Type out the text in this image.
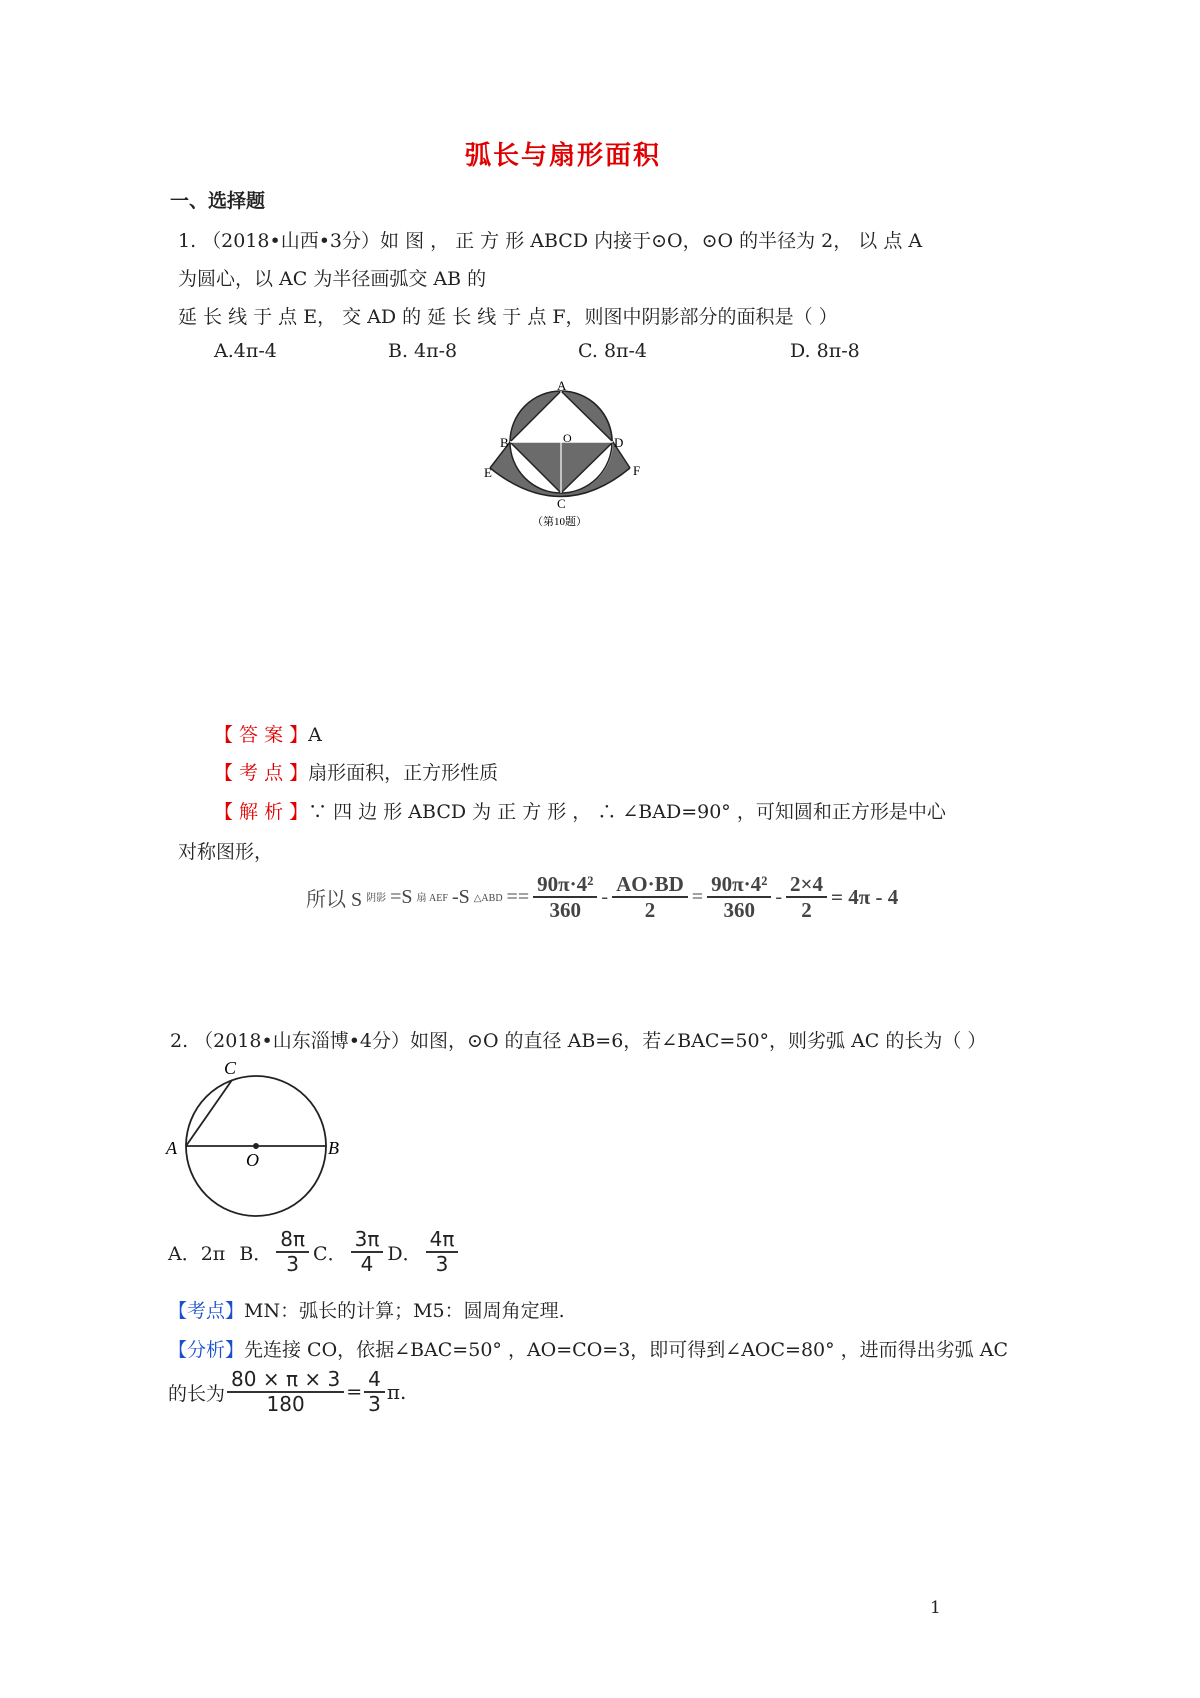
弧长与扇形面积
一、选择题
1. （2018•山西•3分）如 图 ， 正 方 形 ABCD 内接于⊙O，⊙O 的半径为 2， 以 点 A
为圆心，以 AC 为半径画弧交 AB 的
延 长 线 于 点 E， 交 AD 的 延 长 线 于 点 F，则图中阴影部分的面积是（ ）
A.4π-4	B. 4π-8	C. 8π-4	D. 8π-8
A
B	O	D
E	F
C
（第10题）
【 答 案 】A
【 考 点 】扇形面积，正方形性质
【 解 析 】∵ 四 边 形 ABCD 为 正 方 形 ， ∴ ∠BAD=90° ，可知圆和正方形是中心
对称图形，
所以 S 阴影 =S 扇 AEF -S △ABD == $\frac{\text{90π·4²}}{360} - \frac{AO\cdot BD}{2} = \frac{\text{90π·4²}}{360} - \frac{2\times 4}{2} = 4\pi - 4$
2. （2018•山东淄博•4分）如图，⊙O 的直径 AB=6，若∠BAC=50°，则劣弧 AC 的长为（ ）
C
A	B
O
A．2π B． $\frac{8\pi}{3}$ C． $\frac{3\pi}{4}$ D． $\frac{4\pi}{3}$
【考点】MN：弧长的计算；M5：圆周角定理.
【分析】先连接 CO，依据∠BAC=50° ，AO=CO=3，即可得到∠AOC=80° ，进而得出劣弧 AC
的长为 $\frac{80 \times \pi \times 3}{180} = \frac{4}{3} \pi$.
1
